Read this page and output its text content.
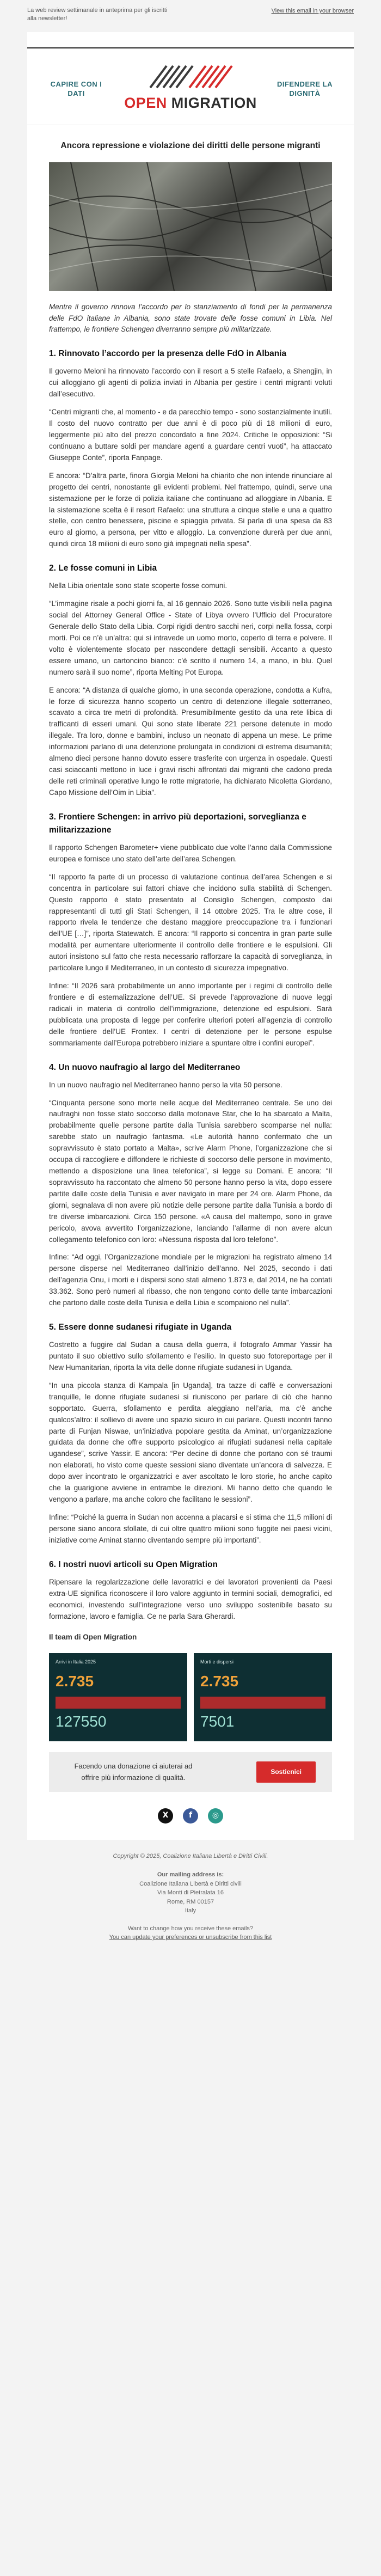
La web review settimanale in anteprima per gli iscritti alla newsletter!
View this email in your browser
CAPIRE CON I DATI
OPEN MIGRATION
DIFENDERE LA DIGNITÀ
Ancora repressione e violazione dei diritti delle persone migranti

Mentre il governo rinnova l’accordo per lo stanziamento di fondi per la permanenza delle FdO italiane in Albania, sono state trovate delle fosse comuni in Libia. Nel frattempo, le frontiere Schengen diverranno sempre più militarizzate.

1. Rinnovato l’accordo per la presenza delle FdO in Albania

Il governo Meloni ha rinnovato l’accordo con il resort a 5 stelle Rafaelo, a Shengjin, in cui alloggiano gli agenti di polizia inviati in Albania per gestire i centri migranti voluti dall’esecutivo.

“Centri migranti che, al momento - e da parecchio tempo - sono sostanzialmente inutili. Il costo del nuovo contratto per due anni è di poco più di 18 milioni di euro, leggermente più alto del prezzo concordato a fine 2024. Critiche le opposizioni: “Si continuano a buttare soldi per mandare agenti a guardare centri vuoti”, ha attaccato Giuseppe Conte”, riporta Fanpage.

E ancora: “D’altra parte, finora Giorgia Meloni ha chiarito che non intende rinunciare al progetto dei centri, nonostante gli evidenti problemi. Nel frattempo, quindi, serve una sistemazione per le forze di polizia italiane che continuano ad alloggiare in Albania. E la sistemazione scelta è il resort Rafaelo: una struttura a cinque stelle e una a quattro stelle, con centro benessere, piscine e spiaggia privata. Si parla di una spesa da 83 euro al giorno, a persona, per vitto e alloggio. La convenzione durerà per due anni, quindi circa 18 milioni di euro sono già impegnati nella spesa”.

2. Le fosse comuni in Libia

Nella Libia orientale sono state scoperte fosse comuni.

“L’immagine risale a pochi giorni fa, al 16 gennaio 2026. Sono tutte visibili nella pagina social del Attorney General Office - State of Libya ovvero l’Ufficio del Procuratore Generale dello Stato della Libia. Corpi rigidi dentro sacchi neri, corpi nella fossa, corpi morti. Poi ce n’è un’altra: qui si intravede un uomo morto, coperto di terra e polvere. Il volto è violentemente sfocato per nascondere dettagli sensibili. Accanto a questo essere umano, un cartoncino bianco: c’è scritto il numero 14, a mano, in blu. Quel numero sarà il suo nome”, riporta Melting Pot Europa.

E ancora: “A distanza di qualche giorno, in una seconda operazione, condotta a Kufra, le forze di sicurezza hanno scoperto un centro di detenzione illegale sotterraneo, scavato a circa tre metri di profondità. Presumibilmente gestito da una rete libica di trafficanti di esseri umani. Qui sono state liberate 221 persone detenute in modo illegale. Tra loro, donne e bambini, incluso un neonato di appena un mese. Le prime informazioni parlano di una detenzione prolungata in condizioni di estrema disumanità; almeno dieci persone hanno dovuto essere trasferite con urgenza in ospedale. Questi casi sciaccanti mettono in luce i gravi rischi affrontati dai migranti che cadono preda delle reti criminali operative lungo le rotte migratorie, ha dichiarato Nicoletta Giordano, Capo Missione dell’Oim in Libia”.

3. Frontiere Schengen: in arrivo più deportazioni, sorveglianza e militarizzazione

Il rapporto Schengen Barometer+ viene pubblicato due volte l’anno dalla Commissione europea e fornisce uno stato dell’arte dell’area Schengen.

“Il rapporto fa parte di un processo di valutazione continua dell’area Schengen e si concentra in particolare sui fattori chiave che incidono sulla stabilità di Schengen. Questo rapporto è stato presentato al Consiglio Schengen, composto dai rappresentanti di tutti gli Stati Schengen, il 14 ottobre 2025. Tra le altre cose, il rapporto rivela le tendenze che destano maggiore preoccupazione tra i funzionari dell’UE […]”, riporta Statewatch. E ancora: “Il rapporto si concentra in gran parte sulle modalità per aumentare ulteriormente il controllo delle frontiere e le espulsioni. Gli autori insistono sul fatto che resta necessario rafforzare la capacità di sorveglianza, in particolare lungo il Mediterraneo, in un contesto di sicurezza impegnativo.

Infine: “Il 2026 sarà probabilmente un anno importante per i regimi di controllo delle frontiere e di esternalizzazione dell’UE. Si prevede l’approvazione di nuove leggi radicali in materia di controllo dell’immigrazione, detenzione ed espulsioni. Sarà pubblicata una proposta di legge per conferire ulteriori poteri all’agenzia di controllo delle frontiere dell’UE Frontex. I centri di detenzione per le persone espulse sommariamente dall’Europa potrebbero iniziare a spuntare oltre i confini europei”.

4. Un nuovo naufragio al largo del Mediterraneo

In un nuovo naufragio nel Mediterraneo hanno perso la vita 50 persone.

“Cinquanta persone sono morte nelle acque del Mediterraneo centrale. Se uno dei naufraghi non fosse stato soccorso dalla motonave Star, che lo ha sbarcato a Malta, probabilmente quelle persone partite dalla Tunisia sarebbero scomparse nel nulla: sarebbe stato un naufragio fantasma. «Le autorità hanno confermato che un sopravvissuto è stato portato a Malta», scrive Alarm Phone, l’organizzazione che si occupa di raccogliere e diffondere le richieste di soccorso delle persone in movimento, mettendo a disposizione una linea telefonica”, si legge su Domani. E ancora: “Il sopravvissuto ha raccontato che almeno 50 persone hanno perso la vita, dopo essere partite dalle coste della Tunisia e aver navigato in mare per 24 ore. Alarm Phone, da giorni, segnalava di non avere più notizie delle persone partite dalla Tunisia a bordo di tre diverse imbarcazioni. Circa 150 persone. «A causa del maltempo, sono in grave pericolo, avova avvertito l’organizzazione, lanciando l’allarme di non avere alcun collegamento telefonico con loro: «Nessuna risposta dal loro telefono”.

Infine: “Ad oggi, l’Organizzazione mondiale per le migrazioni ha registrato almeno 14 persone disperse nel Mediterraneo dall’inizio dell’anno. Nel 2025, secondo i dati dell’agenzia Onu, i morti e i dispersi sono stati almeno 1.873 e, dal 2014, ne ha contati 33.362. Sono però numeri al ribasso, che non tengono conto delle tante imbarcazioni che partono dalle coste della Tunisia e della Libia e scompaiono nel nulla”.

5. Essere donne sudanesi rifugiate in Uganda

Costretto a fuggire dal Sudan a causa della guerra, il fotografo Ammar Yassir ha puntato il suo obiettivo sullo sfollamento e l’esilio. In questo suo fotoreportage per il New Humanitarian, riporta la vita delle donne rifugiate sudanesi in Uganda.

“In una piccola stanza di Kampala [in Uganda], tra tazze di caffè e conversazioni tranquille, le donne rifugiate sudanesi si riuniscono per parlare di ciò che hanno sopportato. Guerra, sfollamento e perdita aleggiano nell’aria, ma c’è anche qualcos’altro: il sollievo di avere uno spazio sicuro in cui parlare. Questi incontri fanno parte di Funjan Niswae, un’iniziativa popolare gestita da Aminat, un’organizzazione guidata da donne che offre supporto psicologico ai rifugiati sudanesi nella capitale ugandese”, scrive Yassir. E ancora: “Per decine di donne che portano con sé traumi non elaborati, ho visto come queste sessioni siano diventate un’ancora di salvezza. E dopo aver incontrato le organizzatrici e aver ascoltato le loro storie, ho anche capito che la guarigione avviene in entrambe le direzioni. Mi hanno detto che quando le vengono a parlare, ma anche coloro che facilitano le sessioni”.

Infine: “Poiché la guerra in Sudan non accenna a placarsi e si stima che 11,5 milioni di persone siano ancora sfollate, di cui oltre quattro milioni sono fuggite nei paesi vicini, iniziative come Aminat stanno diventando sempre più importanti”.

6. I nostri nuovi articoli su Open Migration

Ripensare la regolarizzazione delle lavoratrici e dei lavoratori provenienti da Paesi extra-UE significa riconoscere il loro valore aggiunto in termini sociali, demografici, ed economici, investendo sull’integrazione verso uno sviluppo sostenibile basato su formazione, lavoro e famiglia. Ce ne parla Sara Gherardi.

Il team di Open Migration

Arrivi in Italia 2025
2.735
127550
Morti e dispersi
2.735
7501
Facendo una donazione ci aiuterai ad offrire più informazione di qualità.
Sostienici
X	f	◎
Copyright © 2025, Coalizione Italiana Libertà e Diritti Civili.
Our mailing address is:
Coalizione Italiana Libertà e Diritti civili
Via Monti di Pietralata 16
Rome, RM 00157
Italy
Want to change how you receive these emails?
You can update your preferences or unsubscribe from this list
